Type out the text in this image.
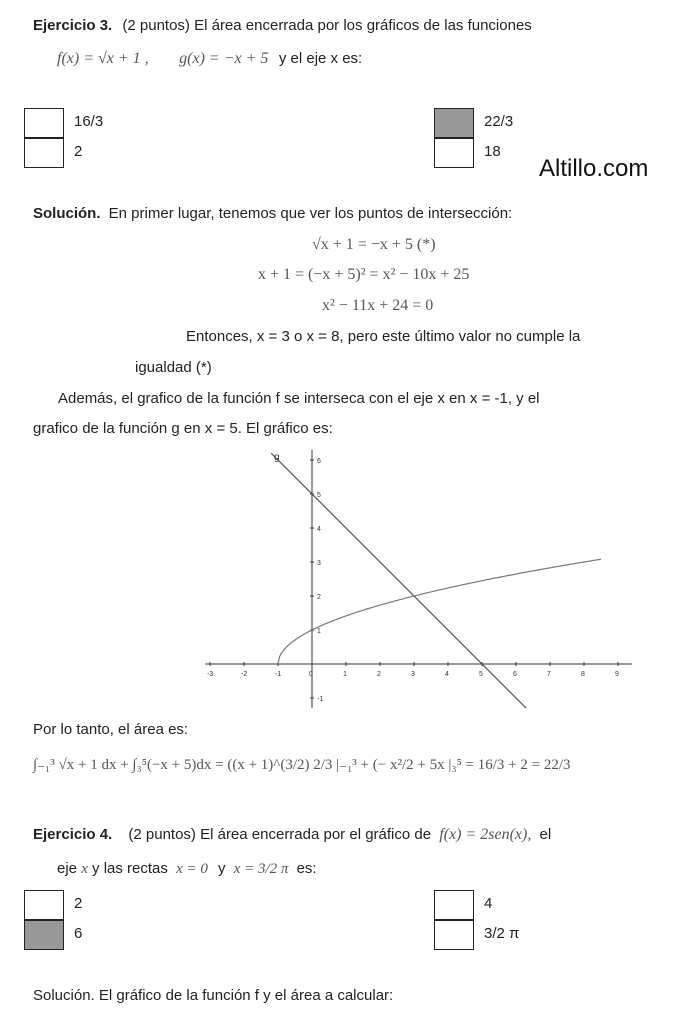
Ejercicio 3. (2 puntos) El área encerrada por los gráficos de las funciones
f(x) = √x + 1 , g(x) = −x + 5 y el eje x es:
16/3
2
22/3
18
Altillo.com
Solución. En primer lugar, tenemos que ver los puntos de intersección:
√x + 1 = −x + 5 (*)
x + 1 = (−x + 5)² = x² − 10x + 25
x² − 11x + 24 = 0
Entonces, x = 3 o x = 8, pero este último valor no cumple la
igualdad (*)
Además, el grafico de la función f se interseca con el eje x en x = -1, y el
grafico de la función g en x = 5. El gráfico es:
-3	-2	-1	0	1	2	3	4	5	6	7	8	9
6
5
4
3
2
1
-1
g
Por lo tanto, el área es:
∫₋₁³ √x + 1 dx + ∫₃⁵(−x + 5)dx = ((x + 1)^(3/2) 2/3 |₋₁³ + (− x²/2 + 5x |₃⁵ = 16/3 + 2 = 22/3
Ejercicio 4. (2 puntos) El área encerrada por el gráfico de f(x) = 2sen(x), el
eje x y las rectas x = 0 y x = 3/2 π es:
2
6
4
3/2 π
Solución. El gráfico de la función f y el área a calcular:
